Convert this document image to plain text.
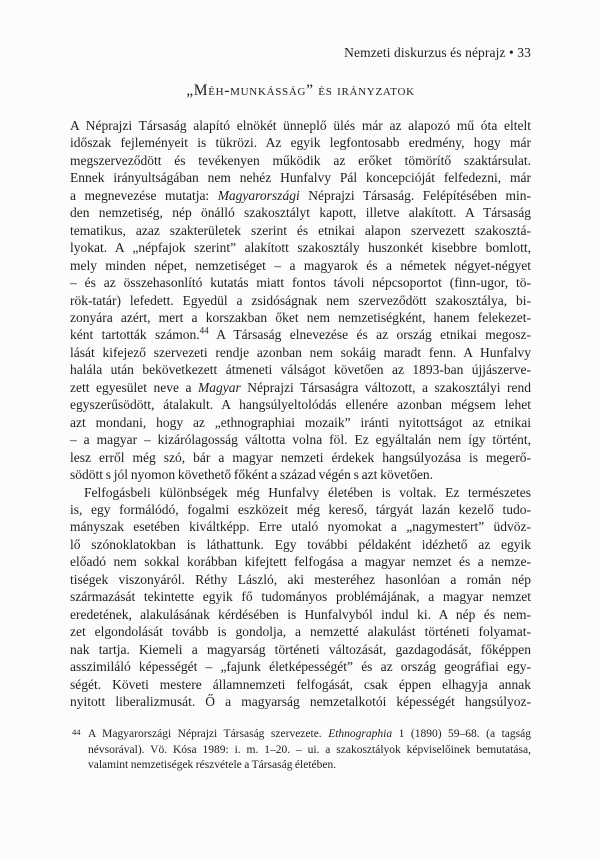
Nemzeti diskurzus és néprajz • 33
„Méh-munkásság” és irányzatok
A Néprajzi Társaság alapító elnökét ünneplő ülés már az alapozó mű óta eltelt
időszak fejleményeit is tükrözi. Az egyik legfontosabb eredmény, hogy már
megszerveződött és tevékenyen működik az erőket tömörítő szaktársulat.
Ennek irányultságában nem nehéz Hunfalvy Pál koncepcióját felfedezni, már
a megnevezése mutatja: Magyarországi Néprajzi Társaság. Felépítésében min-
den nemzetiség, nép önálló szakosztályt kapott, illetve alakított. A Társaság
tematikus, azaz szakterületek szerint és etnikai alapon szervezett szakosztá-
lyokat. A „népfajok szerint” alakított szakosztály huszonkét kisebbre bomlott,
mely minden népet, nemzetiséget – a magyarok és a németek négyet-négyet
– és az összehasonlító kutatás miatt fontos távoli népcsoportot (finn-ugor, tö-
rök-tatár) lefedett. Egyedül a zsidóságnak nem szerveződött szakosztálya, bi-
zonyára azért, mert a korszakban őket nem nemzetiségként, hanem felekezet-
ként tartották számon.$^{44}$ A Társaság elnevezése és az ország etnikai megosz-
lását kifejező szervezeti rendje azonban nem sokáig maradt fenn. A Hunfalvy
halála után bekövetkezett átmeneti válságot követően az 1893-ban újjászerve-
zett egyesület neve a Magyar Néprajzi Társaságra változott, a szakosztályi rend
egyszerűsödött, átalakult. A hangsúlyeltolódás ellenére azonban mégsem lehet
azt mondani, hogy az „ethnographiai mozaik” iránti nyitottságot az etnikai
– a magyar – kizárólagosság váltotta volna föl. Ez egyáltalán nem így történt,
lesz erről még szó, bár a magyar nemzeti érdekek hangsúlyozása is megerő-
södött s jól nyomon követhető főként a század végén s azt követően.
Felfogásbeli különbségek még Hunfalvy életében is voltak. Ez természetes
is, egy formálódó, fogalmi eszközeit még kereső, tárgyát lazán kezelő tudo-
mányszak esetében kiváltképp. Erre utaló nyomokat a „nagymestert” üdvöz-
lő szónoklatokban is láthattunk. Egy további példaként idézhető az egyik
előadó nem sokkal korábban kifejtett felfogása a magyar nemzet és a nemze-
tiségek viszonyáról. Réthy László, aki mesteréhez hasonlóan a román nép
származását tekintette egyik fő tudományos problémájának, a magyar nemzet
eredetének, alakulásának kérdésében is Hunfalvyból indul ki. A nép és nem-
zet elgondolását tovább is gondolja, a nemzetté alakulást történeti folyamat-
nak tartja. Kiemeli a magyarság történeti változását, gazdagodását, főképpen
asszimiláló képességét – „fajunk életképességét” és az ország geográfiai egy-
ségét. Követi mestere államnemzeti felfogását, csak éppen elhagyja annak
nyitott liberalizmusát. Ő a magyarság nemzetalkotói képességét hangsúlyoz-
44 A Magyarországi Néprajzi Társaság szervezete. Ethnographia 1 (1890) 59–68. (a tagság
névsorával). Vö. Kósa 1989: i. m. 1–20. – ui. a szakosztályok képviselőinek bemutatása,
valamint nemzetiségek részvétele a Társaság életében.
